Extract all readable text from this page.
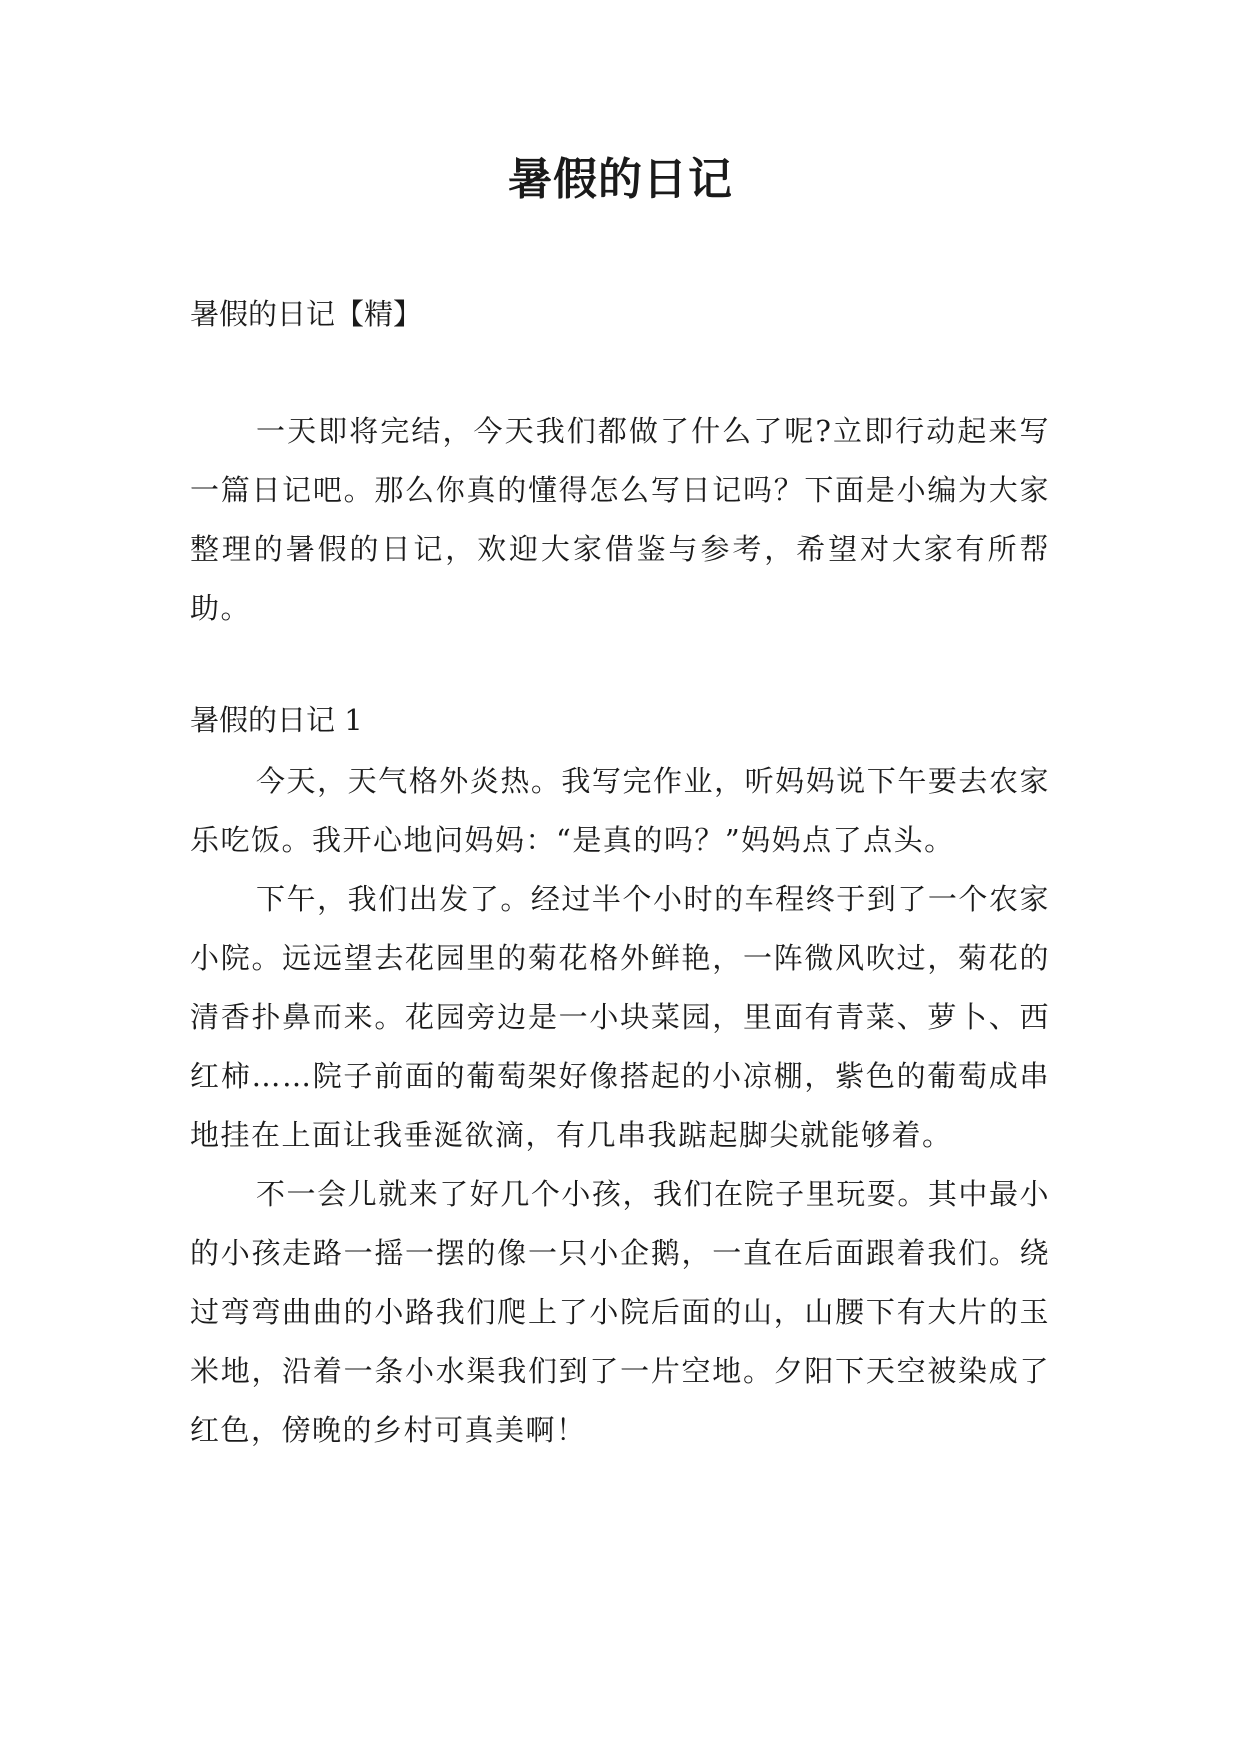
暑假的日记
暑假的日记【精】

一天即将完结，今天我们都做了什么了呢?立即行动起来写一篇日记吧。那么你真的懂得怎么写日记吗？下面是小编为大家整理的暑假的日记，欢迎大家借鉴与参考，希望对大家有所帮助。

暑假的日记 1

今天，天气格外炎热。我写完作业，听妈妈说下午要去农家乐吃饭。我开心地问妈妈：“是真的吗？”妈妈点了点头。

下午，我们出发了。经过半个小时的车程终于到了一个农家小院。远远望去花园里的菊花格外鲜艳，一阵微风吹过，菊花的清香扑鼻而来。花园旁边是一小块菜园，里面有青菜、萝卜、西红柿……院子前面的葡萄架好像搭起的小凉棚，紫色的葡萄成串地挂在上面让我垂涎欲滴，有几串我踮起脚尖就能够着。

不一会儿就来了好几个小孩，我们在院子里玩耍。其中最小的小孩走路一摇一摆的像一只小企鹅，一直在后面跟着我们。绕过弯弯曲曲的小路我们爬上了小院后面的山，山腰下有大片的玉米地，沿着一条小水渠我们到了一片空地。夕阳下天空被染成了红色，傍晚的乡村可真美啊！
